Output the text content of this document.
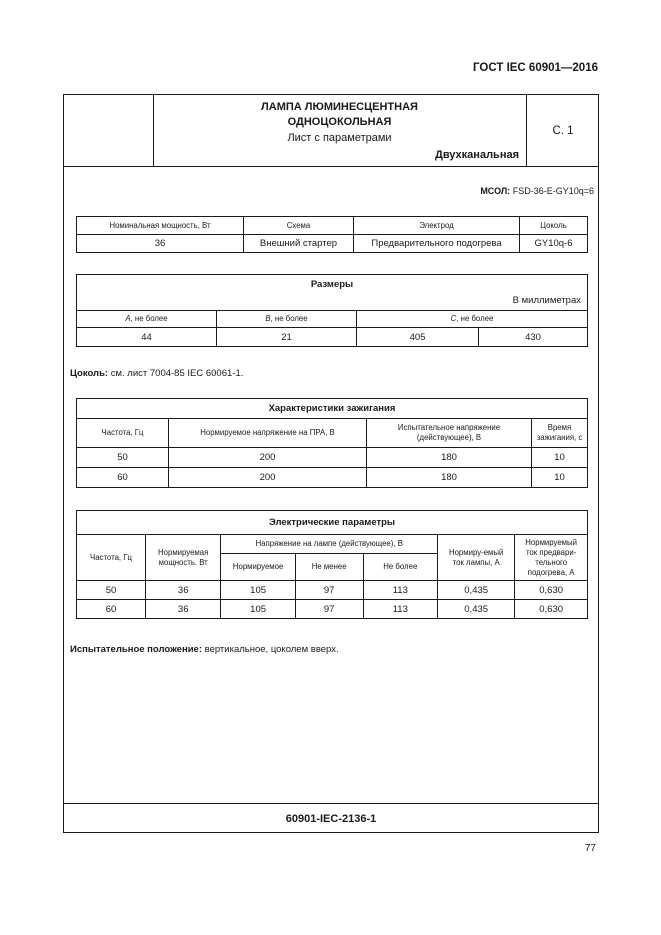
ГОСТ IEC 60901—2016
ЛАМПА ЛЮМИНЕСЦЕНТНАЯ
ОДНОЦОКОЛЬНАЯ
Лист с параметрами
Двухканальная
С. 1
МСОЛ: FSD-36-E-GY10q=6
Номинальная мощность, Вт	Схема	Электрод	Цоколь
36	Внешний стартер	Предварительного подогрева	GY10q-6
Размеры
В миллиметрах			

A, не более	B, не более	C, не более	
44	21	405	430
Цоколь: см. лист 7004-85 IEC 60061-1.
Характеристики зажигания			
Частота, Гц	Нормируемое напряжение на ПРА, В	Испытательное напряжение (действующее), В	Время зажигания, с
50	200	180	10
60	200	180	10
Электрические параметры						
Частота, Гц	Нормируемая мощность. Вт	Напряжение на лампе (действующее), В			Нормиру-емый ток лампы, А	Нормируемый ток предвари-тельного подогрева, А
		Нормируемое	Не менее	Не более		
50	36	105	97	113	0,435	0,630
60	36	105	97	113	0,435	0,630
Испытательное положение: вертикальное, цоколем вверх.
60901-IEC-2136-1
77
